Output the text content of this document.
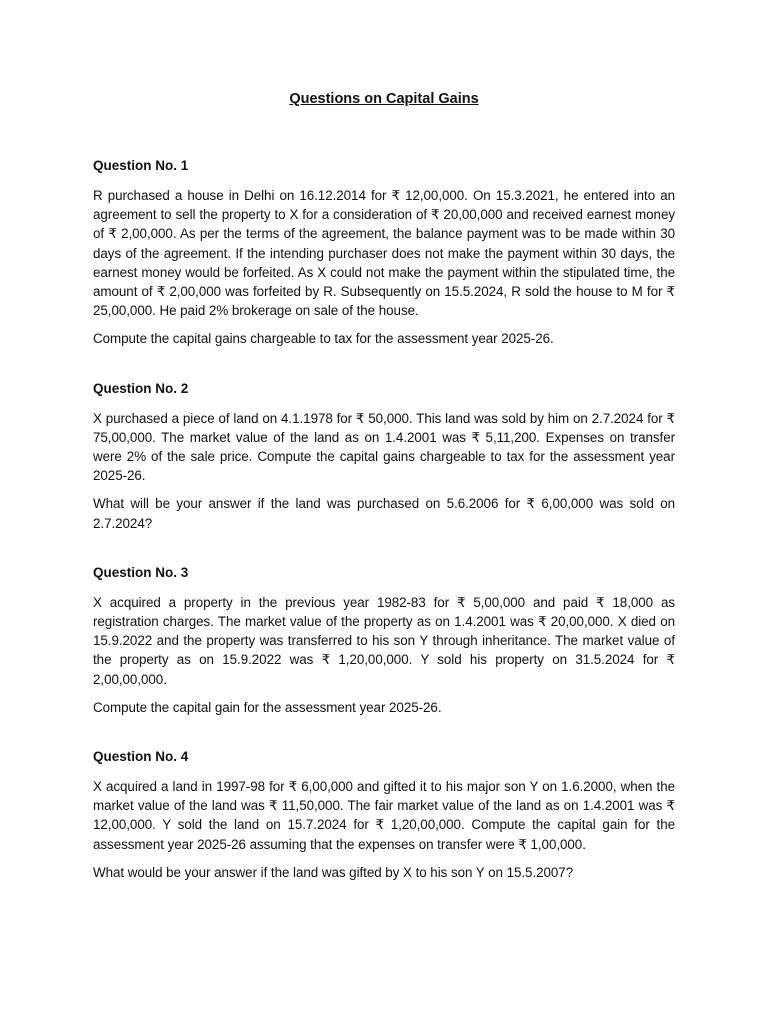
Questions on Capital Gains
Question No. 1

R purchased a house in Delhi on 16.12.2014 for ₹ 12,00,000. On 15.3.2021, he entered into an agreement to sell the property to X for a consideration of ₹ 20,00,000 and received earnest money of ₹ 2,00,000. As per the terms of the agreement, the balance payment was to be made within 30 days of the agreement. If the intending purchaser does not make the payment within 30 days, the earnest money would be forfeited. As X could not make the payment within the stipulated time, the amount of ₹ 2,00,000 was forfeited by R. Subsequently on 15.5.2024, R sold the house to M for ₹ 25,00,000. He paid 2% brokerage on sale of the house.

Compute the capital gains chargeable to tax for the assessment year 2025-26.

Question No. 2

X purchased a piece of land on 4.1.1978 for ₹ 50,000. This land was sold by him on 2.7.2024 for ₹ 75,00,000. The market value of the land as on 1.4.2001 was ₹ 5,11,200. Expenses on transfer were 2% of the sale price. Compute the capital gains chargeable to tax for the assessment year 2025-26.

What will be your answer if the land was purchased on 5.6.2006 for ₹ 6,00,000 was sold on 2.7.2024?

Question No. 3

X acquired a property in the previous year 1982-83 for ₹ 5,00,000 and paid ₹ 18,000 as registration charges. The market value of the property as on 1.4.2001 was ₹ 20,00,000. X died on 15.9.2022 and the property was transferred to his son Y through inheritance. The market value of the property as on 15.9.2022 was ₹ 1,20,00,000. Y sold his property on 31.5.2024 for ₹ 2,00,00,000.

Compute the capital gain for the assessment year 2025-26.

Question No. 4

X acquired a land in 1997-98 for ₹ 6,00,000 and gifted it to his major son Y on 1.6.2000, when the market value of the land was ₹ 11,50,000. The fair market value of the land as on 1.4.2001 was ₹ 12,00,000. Y sold the land on 15.7.2024 for ₹ 1,20,00,000. Compute the capital gain for the assessment year 2025-26 assuming that the expenses on transfer were ₹ 1,00,000.

What would be your answer if the land was gifted by X to his son Y on 15.5.2007?
